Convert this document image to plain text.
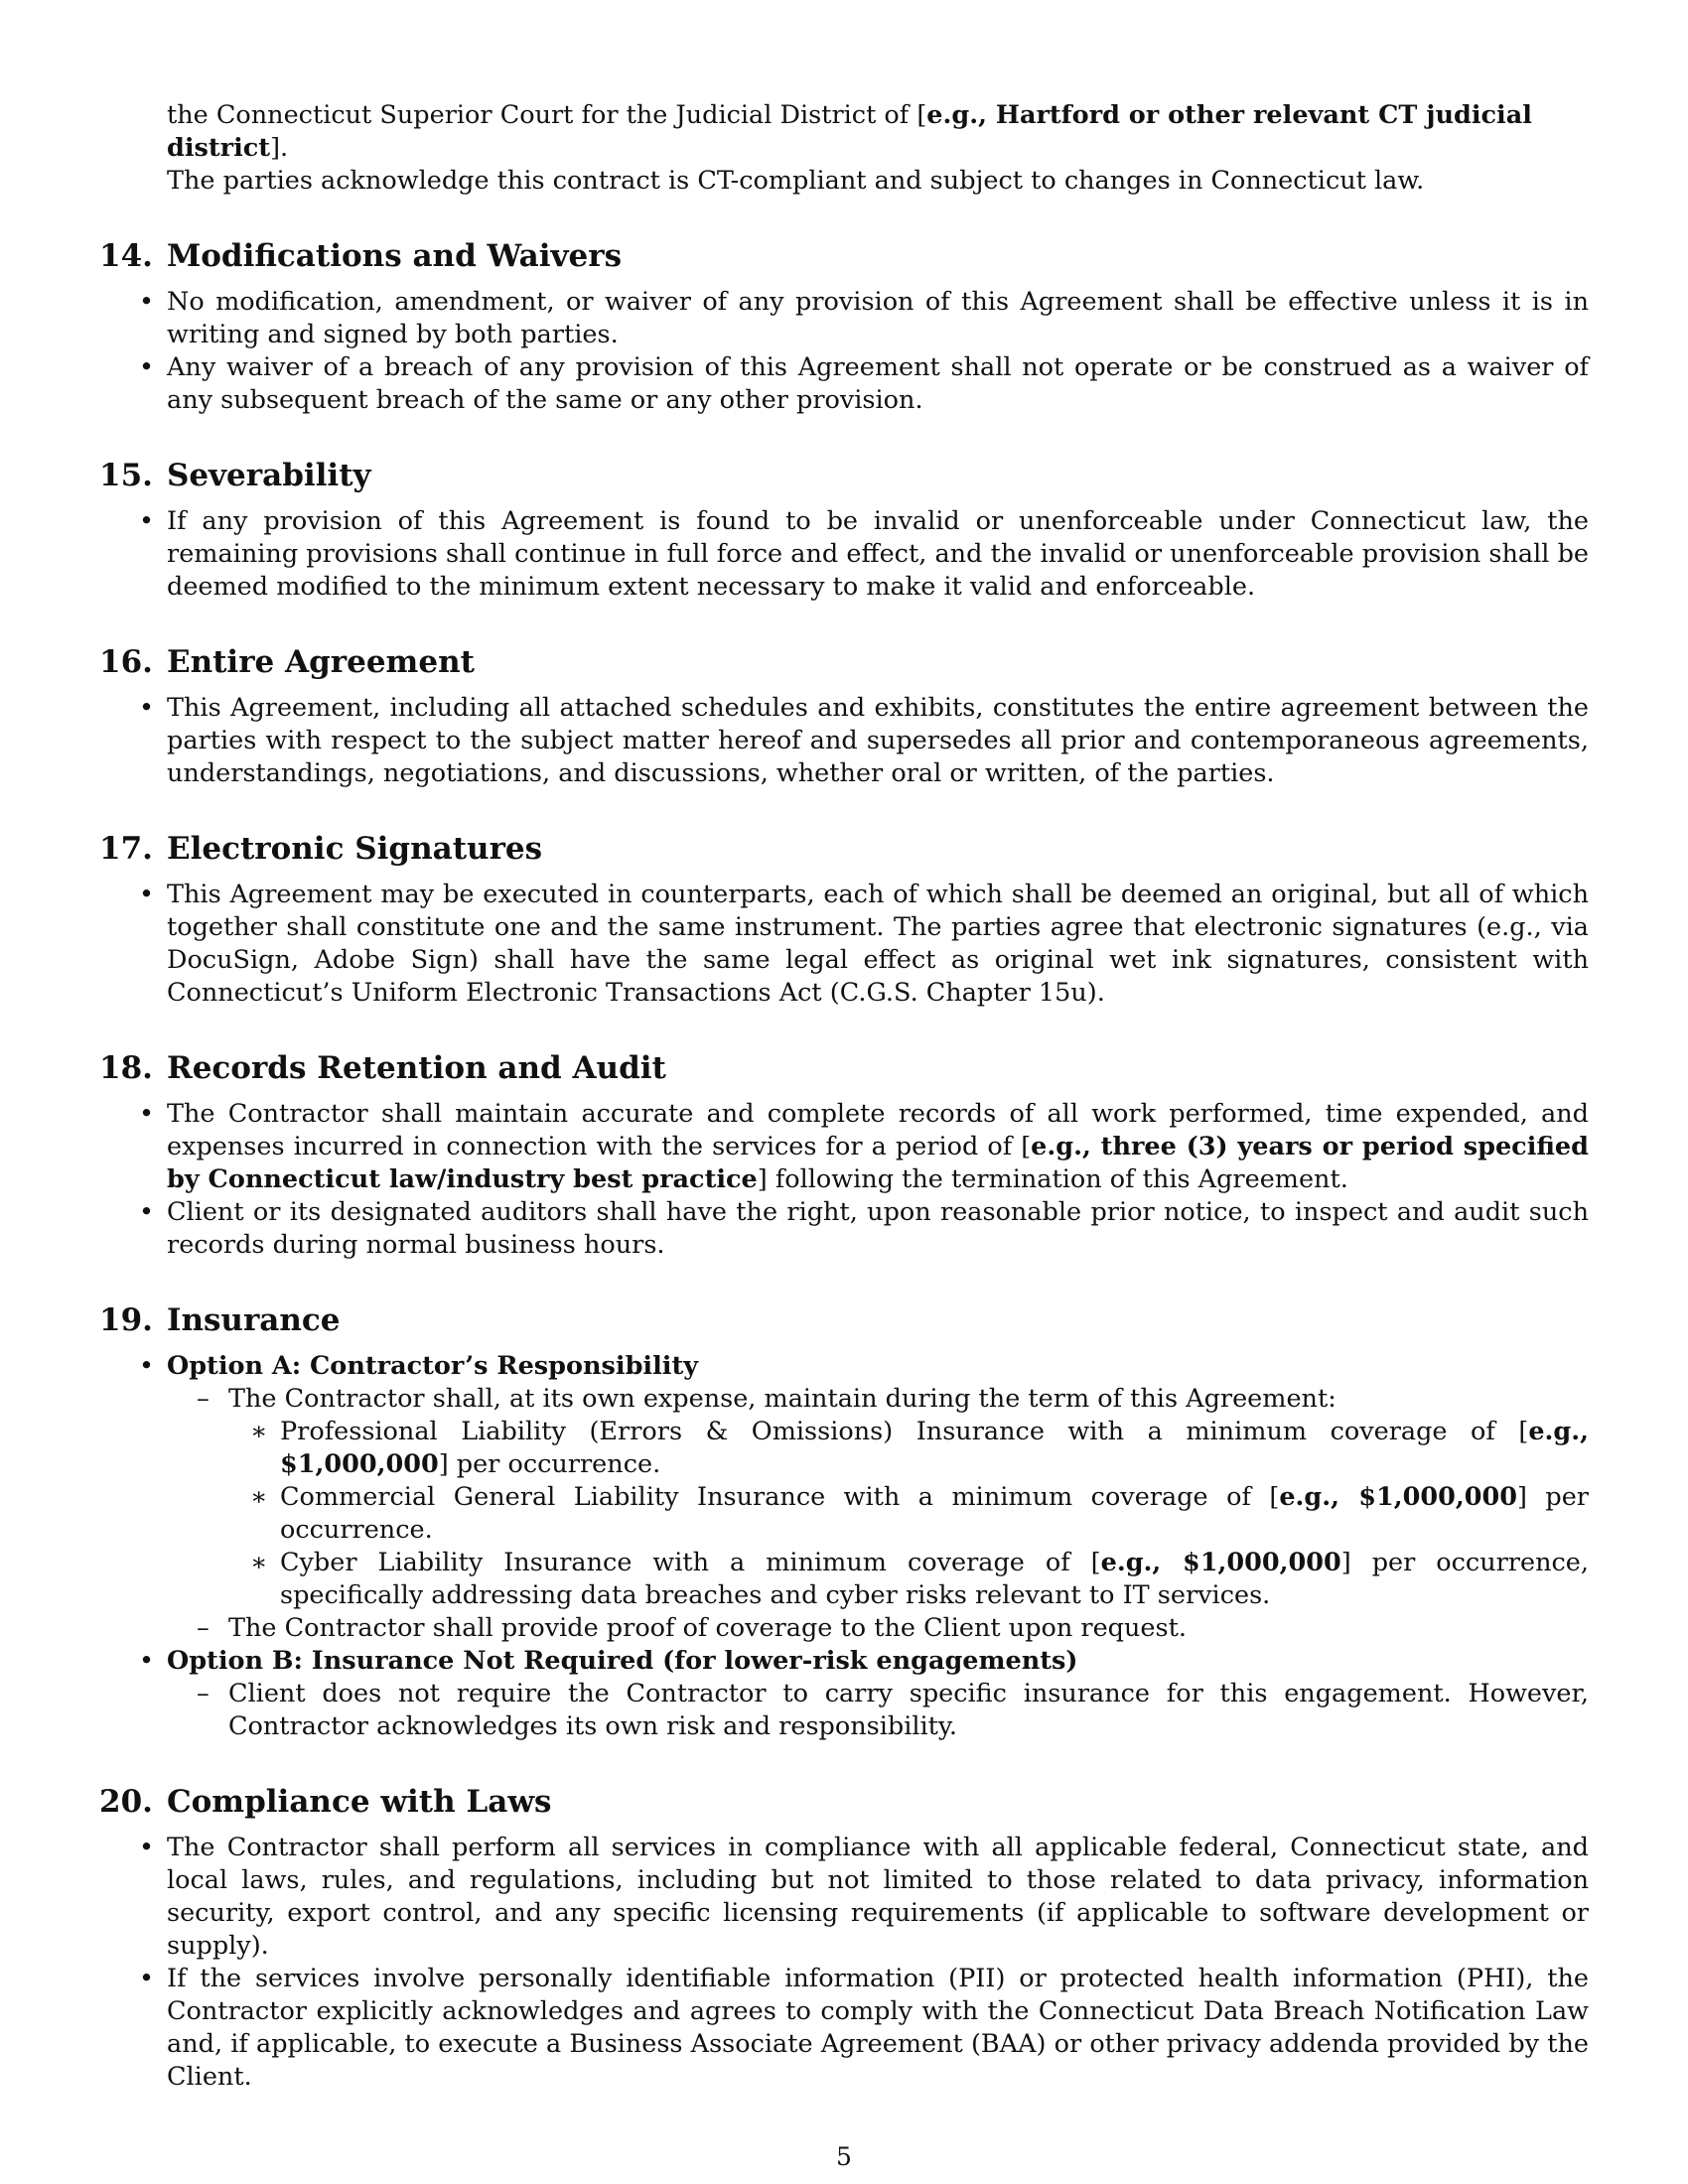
the Connecticut Superior Court for the Judicial District of [e.g., Hartford or other relevant CT judicial district].

The parties acknowledge this contract is CT-compliant and subject to changes in Connecticut law.

14. Modifications and Waivers
• No modification, amendment, or waiver of any provision of this Agreement shall be effective unless it is in writing and signed by both parties.
• Any waiver of a breach of any provision of this Agreement shall not operate or be construed as a waiver of any subsequent breach of the same or any other provision.
15. Severability
• If any provision of this Agreement is found to be invalid or unenforceable under Connecticut law, the remaining provisions shall continue in full force and effect, and the invalid or unenforceable provision shall be deemed modified to the minimum extent necessary to make it valid and enforceable.
16. Entire Agreement
• This Agreement, including all attached schedules and exhibits, constitutes the entire agreement between the parties with respect to the subject matter hereof and supersedes all prior and contemporaneous agreements, understandings, negotiations, and discussions, whether oral or written, of the parties.
17. Electronic Signatures
• This Agreement may be executed in counterparts, each of which shall be deemed an original, but all of which together shall constitute one and the same instrument. The parties agree that electronic signatures (e.g., via DocuSign, Adobe Sign) shall have the same legal effect as original wet ink signatures, consistent with Connecticut’s Uniform Electronic Transactions Act (C.G.S. Chapter 15u).
18. Records Retention and Audit
• The Contractor shall maintain accurate and complete records of all work performed, time expended, and expenses incurred in connection with the services for a period of [e.g., three (3) years or period specified by Connecticut law/industry best practice] following the termination of this Agreement.
• Client or its designated auditors shall have the right, upon reasonable prior notice, to inspect and audit such records during normal business hours.
19. Insurance
• Option A: Contractor’s Responsibility
– The Contractor shall, at its own expense, maintain during the term of this Agreement:
∗ Professional Liability (Errors & Omissions) Insurance with a minimum coverage of [e.g., $1,000,000] per occurrence.
∗ Commercial General Liability Insurance with a minimum coverage of [e.g., $1,000,000] per occurrence.
∗ Cyber Liability Insurance with a minimum coverage of [e.g., $1,000,000] per occurrence, specifically addressing data breaches and cyber risks relevant to IT services.
– The Contractor shall provide proof of coverage to the Client upon request.
• Option B: Insurance Not Required (for lower-risk engagements)
– Client does not require the Contractor to carry specific insurance for this engagement. However, Contractor acknowledges its own risk and responsibility.
20. Compliance with Laws
• The Contractor shall perform all services in compliance with all applicable federal, Connecticut state, and local laws, rules, and regulations, including but not limited to those related to data privacy, information security, export control, and any specific licensing requirements (if applicable to software development or supply).
• If the services involve personally identifiable information (PII) or protected health information (PHI), the Contractor explicitly acknowledges and agrees to comply with the Connecticut Data Breach Notification Law and, if applicable, to execute a Business Associate Agreement (BAA) or other privacy addenda provided by the Client.
5
